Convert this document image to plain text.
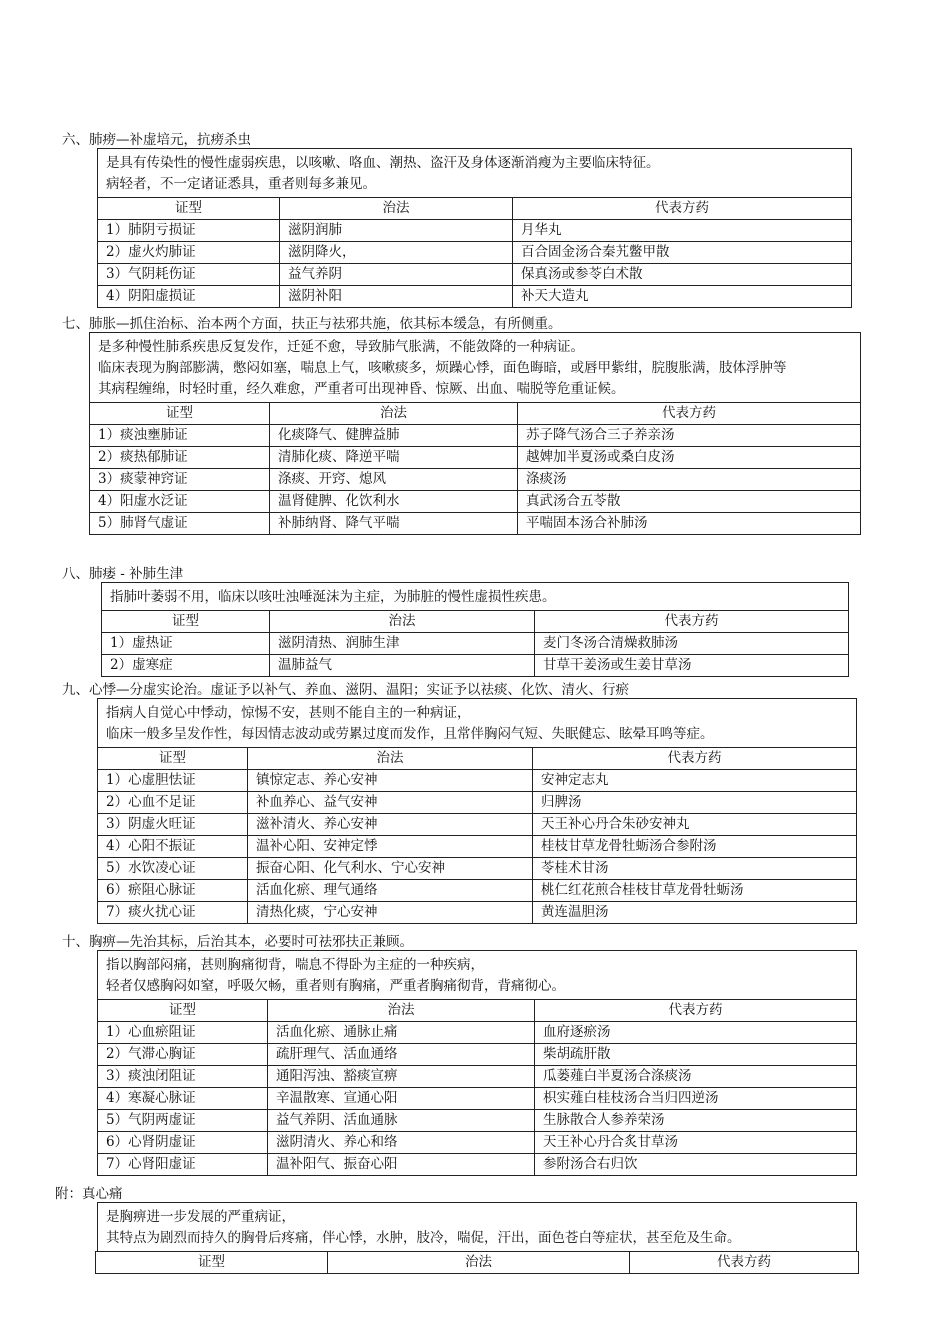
六、肺痨—补虚培元，抗痨杀虫
是具有传染性的慢性虚弱疾患，以咳嗽、咯血、潮热、盗汗及身体逐渐消瘦为主要临床特征。
病轻者，不一定诸证悉具，重者则每多兼见。
证型	治法	代表方药
1）肺阴亏损证	滋阴润肺	月华丸
2）虚火灼肺证	滋阴降火，	百合固金汤合秦艽鳖甲散
3）气阴耗伤证	益气养阴	保真汤或参苓白术散
4）阴阳虚损证	滋阴补阳	补天大造丸
七、肺胀—抓住治标、治本两个方面，扶正与祛邪共施，依其标本缓急，有所侧重。
是多种慢性肺系疾患反复发作，迁延不愈，导致肺气胀满，不能敛降的一种病证。
临床表现为胸部膨满，憋闷如塞，喘息上气，咳嗽痰多，烦躁心悸，面色晦暗，或唇甲紫绀，脘腹胀满，肢体浮肿等
其病程缠绵，时轻时重，经久难愈，严重者可出现神昏、惊厥、出血、喘脱等危重证候。
证型	治法	代表方药
1）痰浊壅肺证	化痰降气、健脾益肺	苏子降气汤合三子养亲汤
2）痰热郁肺证	清肺化痰、降逆平喘	越婢加半夏汤或桑白皮汤
3）痰蒙神窍证	涤痰、开窍、熄风	涤痰汤
4）阳虚水泛证	温肾健脾、化饮利水	真武汤合五苓散
5）肺肾气虚证	补肺纳肾、降气平喘	平喘固本汤合补肺汤
八、肺痿 - 补肺生津
指肺叶萎弱不用，临床以咳吐浊唾涎沫为主症，为肺脏的慢性虚损性疾患。
证型	治法	代表方药
1）虚热证	滋阴清热、润肺生津	麦门冬汤合清燥救肺汤
2）虚寒症	温肺益气	甘草干姜汤或生姜甘草汤
九、心悸—分虚实论治。虚证予以补气、养血、滋阴、温阳；实证予以祛痰、化饮、清火、行瘀
指病人自觉心中悸动，惊惕不安，甚则不能自主的一种病证，
临床一般多呈发作性，每因情志波动或劳累过度而发作，且常伴胸闷气短、失眠健忘、眩晕耳鸣等症。
证型	治法	代表方药
1）心虚胆怯证	镇惊定志、养心安神	安神定志丸
2）心血不足证	补血养心、益气安神	归脾汤
3）阴虚火旺证	滋补清火、养心安神	天王补心丹合朱砂安神丸
4）心阳不振证	温补心阳、安神定悸	桂枝甘草龙骨牡蛎汤合参附汤
5）水饮凌心证	振奋心阳、化气利水、宁心安神	苓桂术甘汤
6）瘀阻心脉证	活血化瘀、理气通络	桃仁红花煎合桂枝甘草龙骨牡蛎汤
7）痰火扰心证	清热化痰，宁心安神	黄连温胆汤
十、胸痹—先治其标，后治其本，必要时可祛邪扶正兼顾。
指以胸部闷痛，甚则胸痛彻背，喘息不得卧为主症的一种疾病，
轻者仅感胸闷如窒，呼吸欠畅，重者则有胸痛，严重者胸痛彻背，背痛彻心。
证型	治法	代表方药
1）心血瘀阻证	活血化瘀、通脉止痛	血府逐瘀汤
2）气滞心胸证	疏肝理气、活血通络	柴胡疏肝散
3）痰浊闭阻证	通阳泻浊、豁痰宣痹	瓜蒌薤白半夏汤合涤痰汤
4）寒凝心脉证	辛温散寒、宣通心阳	枳实薤白桂枝汤合当归四逆汤
5）气阴两虚证	益气养阴、活血通脉	生脉散合人参养荣汤
6）心肾阴虚证	滋阴清火、养心和络	天王补心丹合炙甘草汤
7）心肾阳虚证	温补阳气、振奋心阳	参附汤合右归饮
附：真心痛
是胸痹进一步发展的严重病证，
其特点为剧烈而持久的胸骨后疼痛，伴心悸，水肿，肢冷，喘促，汗出，面色苍白等症状，甚至危及生命。
证型	治法	代表方药
